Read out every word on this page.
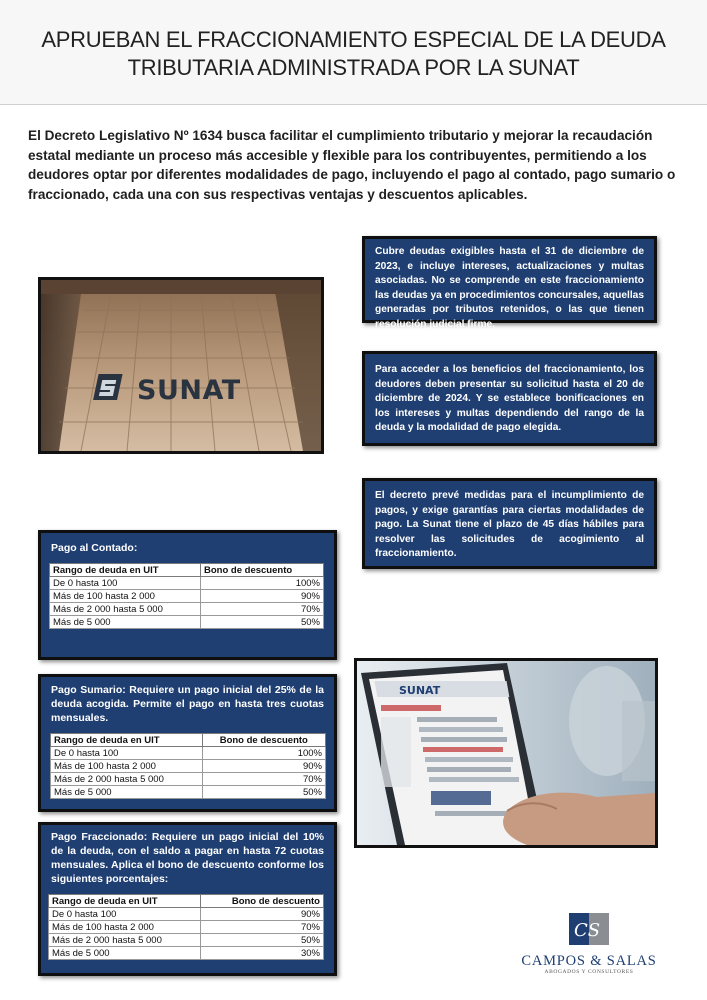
APRUEBAN EL FRACCIONAMIENTO ESPECIAL DE LA DEUDA
TRIBUTARIA ADMINISTRADA POR LA SUNAT
El Decreto Legislativo Nº 1634 busca facilitar el cumplimiento tributario y mejorar la recaudación estatal mediante un proceso más accesible y flexible para los contribuyentes, permitiendo a los deudores optar por diferentes modalidades de pago, incluyendo el pago al contado, pago sumario o fraccionado, cada una con sus respectivas ventajas y descuentos aplicables.
SUNAT
Cubre deudas exigibles hasta el 31 de diciembre de 2023, e incluye intereses, actualizaciones y multas asociadas. No se comprende en este fraccionamiento las deudas ya en procedimientos concursales, aquellas generadas por tributos retenidos, o las que tienen resolución judicial firme.
Para acceder a los beneficios del fraccionamiento, los deudores deben presentar su solicitud hasta el 20 de diciembre de 2024. Y se establece bonificaciones en los intereses y multas dependiendo del rango de la deuda y la modalidad de pago elegida.
El decreto prevé medidas para el incumplimiento de pagos, y exige garantías para ciertas modalidades de pago. La Sunat tiene el plazo de 45 días hábiles para resolver las solicitudes de acogimiento al fraccionamiento.
Pago al Contado:
Rango de deuda en UIT	Bono de descuento
De 0 hasta 100	100%
Más de 100 hasta 2 000	90%
Más de 2 000 hasta 5 000	70%
Más de 5 000	50%
Pago Sumario: Requiere un pago inicial del 25% de la deuda acogida. Permite el pago en hasta tres cuotas mensuales.
Rango de deuda en UIT	Bono de descuento
De 0 hasta 100	100%
Más de 100 hasta 2 000	90%
Más de 2 000 hasta 5 000	70%
Más de 5 000	50%
Pago Fraccionado: Requiere un pago inicial del 10% de la deuda, con el saldo a pagar en hasta 72 cuotas mensuales. Aplica el bono de descuento conforme los siguientes porcentajes:
Rango de deuda en UIT	Bono de descuento
De 0 hasta 100	90%
Más de 100 hasta 2 000	70%
Más de 2 000 hasta 5 000	50%
Más de 5 000	30%
SUNAT
CS
CAMPOS & SALAS
ABOGADOS Y CONSULTORES
